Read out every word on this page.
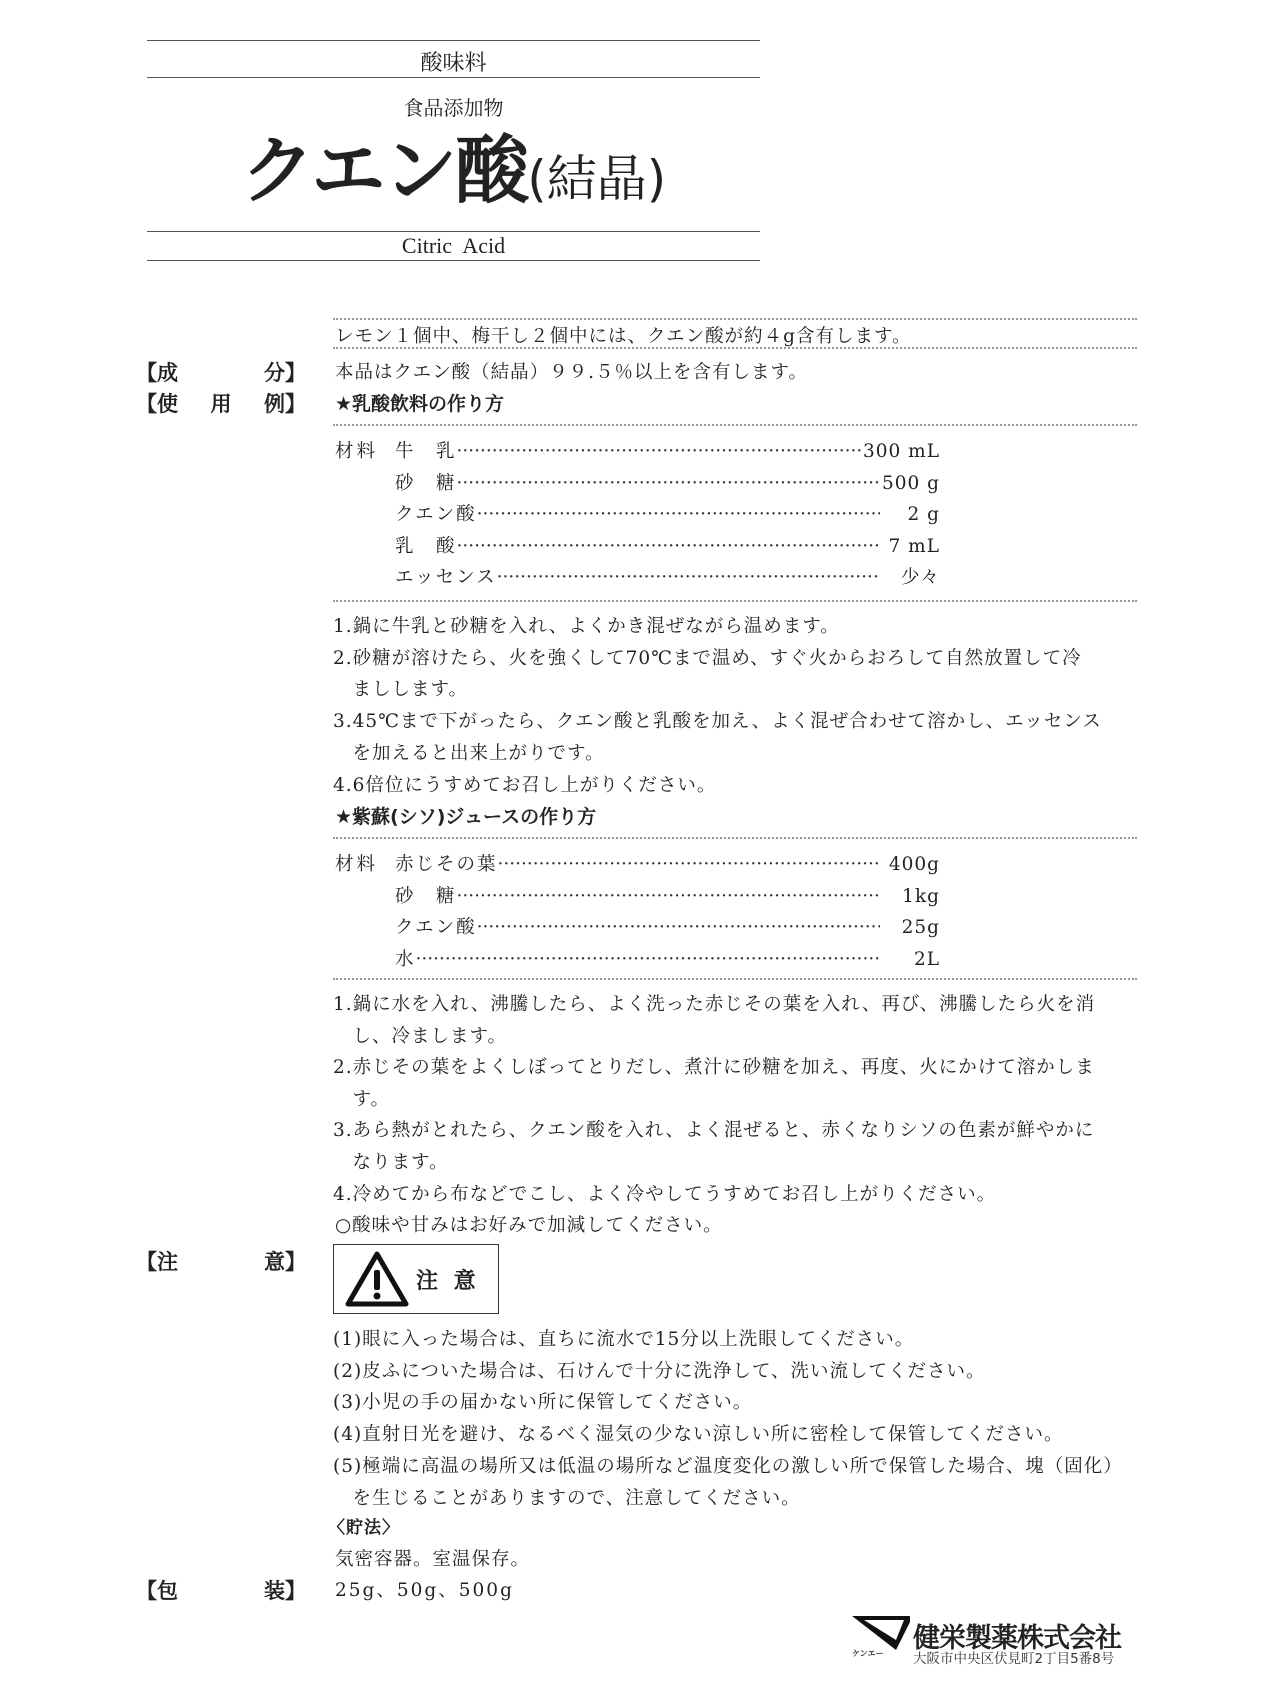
酸味料
食品添加物
クエン酸(結晶)
Citric Acid
レモン１個中、梅干し２個中には、クエン酸が約４g含有します。
【成	分】 本品はクエン酸（結晶）９９.５％以上を含有します。
【使 用 例】 ★乳酸飲料の作り方
材料 牛　乳 ·····	300 mL
砂　糖 ·····	500 g
クエン酸 ·····	2 g
乳　酸 ·····	7 mL
エッセンス ·····	少々
1.鍋に牛乳と砂糖を入れ、よくかき混ぜながら温めます。
2.砂糖が溶けたら、火を強くして70℃まで温め、すぐ火からおろして自然放置して冷
　ましします。
3.45℃まで下がったら、クエン酸と乳酸を加え、よく混ぜ合わせて溶かし、エッセンス
　を加えると出来上がりです。
4.6倍位にうすめてお召し上がりください。
★紫蘇(シソ)ジュースの作り方
材料 赤じその葉 ·····	400g
砂　糖 ·····	1kg
クエン酸 ·····	25g
水 ·····	2L
1.鍋に水を入れ、沸騰したら、よく洗った赤じその葉を入れ、再び、沸騰したら火を消
　し、冷まします。
2.赤じその葉をよくしぼってとりだし、煮汁に砂糖を加え、再度、火にかけて溶かしま
　す。
3.あら熱がとれたら、クエン酸を入れ、よく混ぜると、赤くなりシソの色素が鮮やかに
　なります。
4.冷めてから布などでこし、よく冷やしてうすめてお召し上がりください。
○酸味や甘みはお好みで加減してください。
【注	意】
注 意
(1)眼に入った場合は、直ちに流水で15分以上洗眼してください。
(2)皮ふについた場合は、石けんで十分に洗浄して、洗い流してください。
(3)小児の手の届かない所に保管してください。
(4)直射日光を避け、なるべく湿気の少ない涼しい所に密栓して保管してください。
(5)極端に高温の場所又は低温の場所など温度変化の激しい所で保管した場合、塊（固化）
　を生じることがありますので、注意してください。
〈貯法〉
気密容器。室温保存。
【包	装】 25g、50g、500g
ケンエー 健栄製薬株式会社
大阪市中央区伏見町2丁目5番8号
